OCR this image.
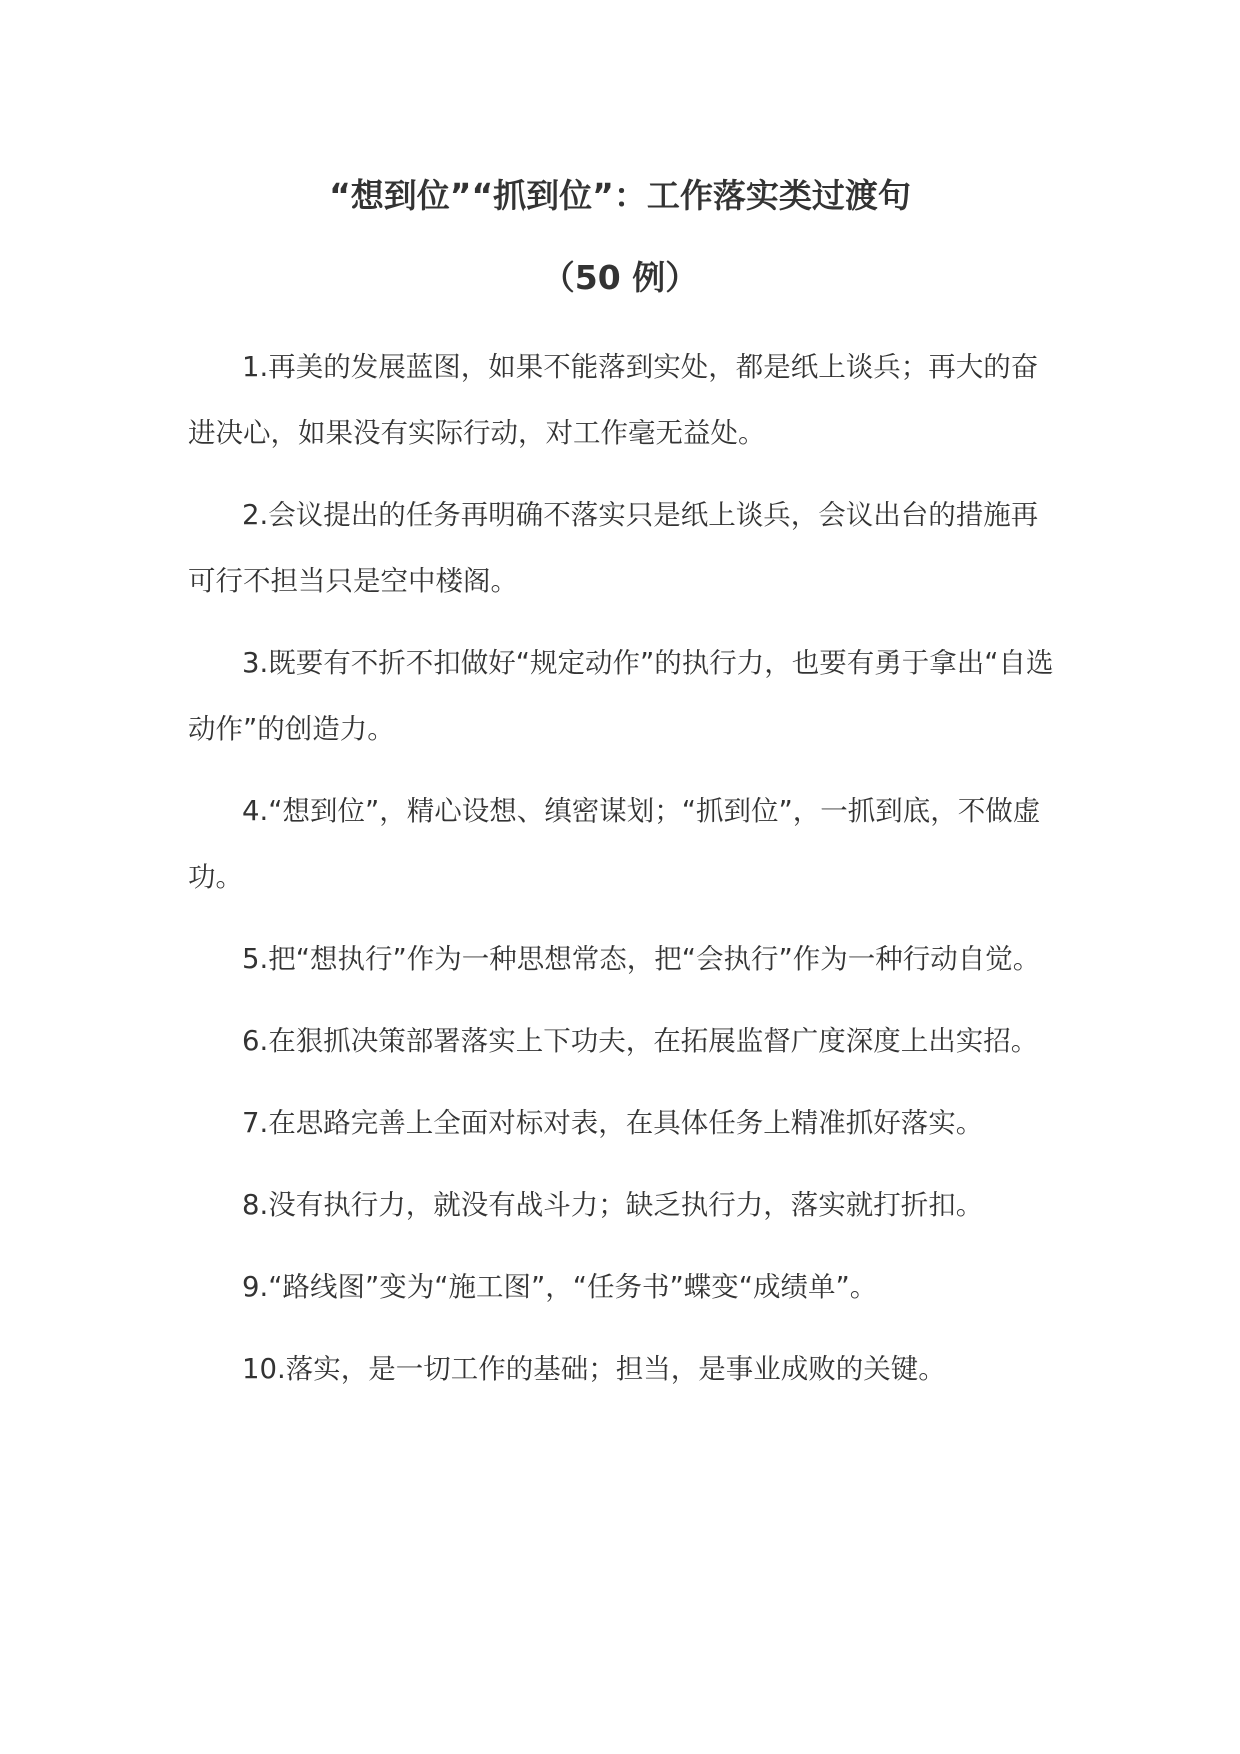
“想到位”“抓到位”：工作落实类过渡句
（50 例）
1.再美的发展蓝图，如果不能落到实处，都是纸上谈兵；再大的奋进决心，如果没有实际行动，对工作毫无益处。
2.会议提出的任务再明确不落实只是纸上谈兵，会议出台的措施再可行不担当只是空中楼阁。
3.既要有不折不扣做好“规定动作”的执行力，也要有勇于拿出“自选动作”的创造力。
4.“想到位”，精心设想、缜密谋划；“抓到位”，一抓到底，不做虚功。
5.把“想执行”作为一种思想常态，把“会执行”作为一种行动自觉。
6.在狠抓决策部署落实上下功夫，在拓展监督广度深度上出实招。
7.在思路完善上全面对标对表，在具体任务上精准抓好落实。
8.没有执行力，就没有战斗力；缺乏执行力，落实就打折扣。
9.“路线图”变为“施工图”，“任务书”蝶变“成绩单”。
10.落实，是一切工作的基础；担当，是事业成败的关键。
